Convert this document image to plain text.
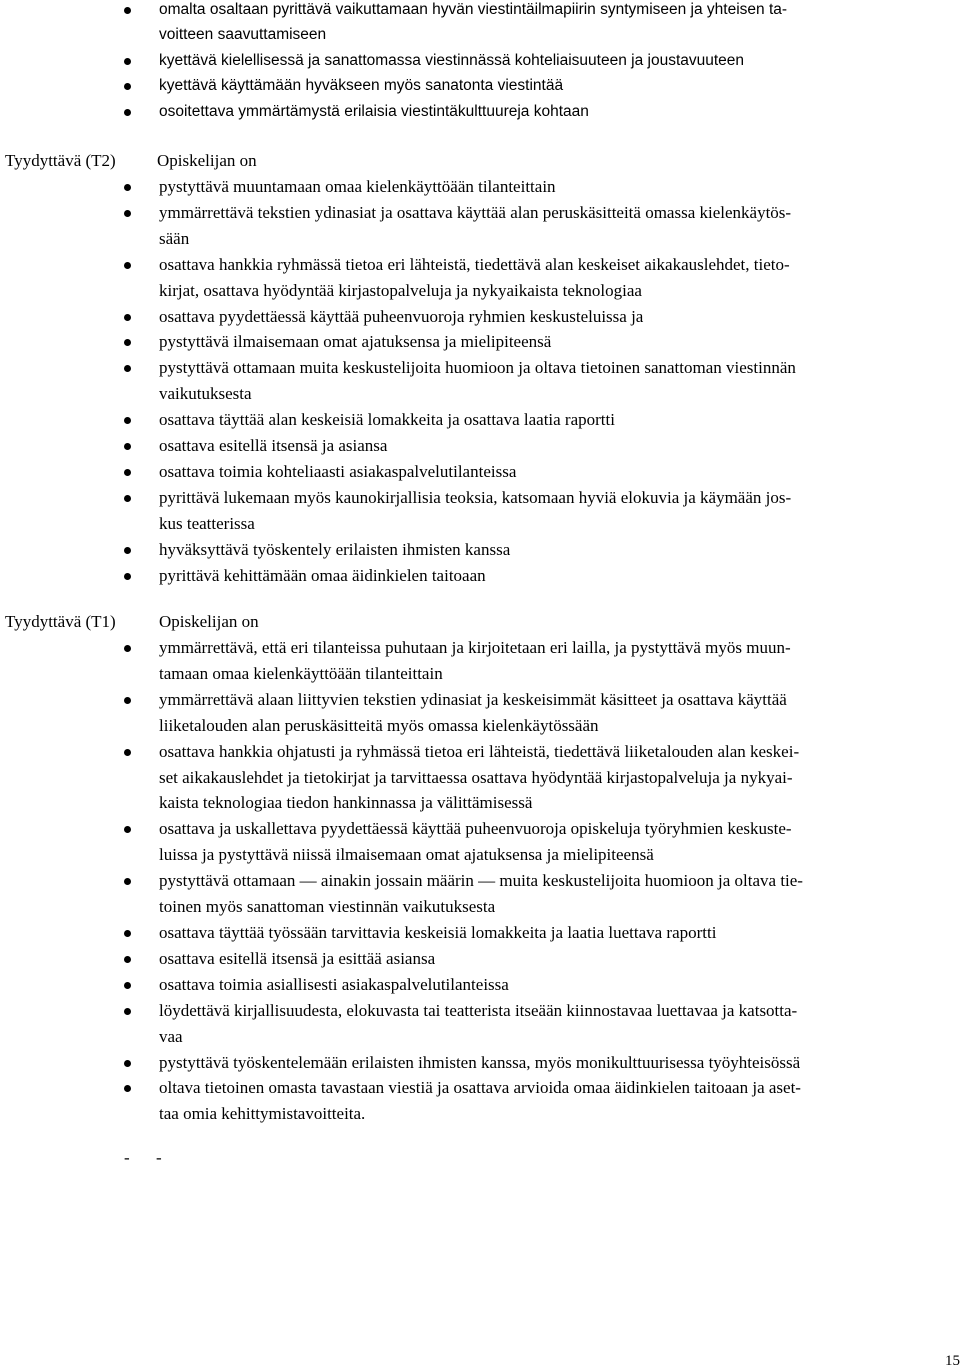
omalta osaltaan pyrittävä vaikuttamaan hyvän viestintäilmapiirin syntymiseen ja yhteisen ta-
voitteen saavuttamiseen
kyettävä kielellisessä ja sanattomassa viestinnässä kohteliaisuuteen ja joustavuuteen
kyettävä käyttämään hyväkseen myös sanatonta viestintää
osoitettava ymmärtämystä erilaisia viestintäkulttuureja kohtaan
Tyydyttävä (T2) Opiskelijan on
pystyttävä muuntamaan omaa kielenkäyttöään tilanteittain
ymmärrettävä tekstien ydinasiat ja osattava käyttää alan peruskäsitteitä omassa kielenkäytös-
sään
osattava hankkia ryhmässä tietoa eri lähteistä, tiedettävä alan keskeiset aikakauslehdet, tieto-
kirjat, osattava hyödyntää kirjastopalveluja ja nykyaikaista teknologiaa
osattava pyydettäessä käyttää puheenvuoroja ryhmien keskusteluissa ja
pystyttävä ilmaisemaan omat ajatuksensa ja mielipiteensä
pystyttävä ottamaan muita keskustelijoita huomioon ja oltava tietoinen sanattoman viestinnän
vaikutuksesta
osattava täyttää alan keskeisiä lomakkeita ja osattava laatia raportti
osattava esitellä itsensä ja asiansa
osattava toimia kohteliaasti asiakaspalvelutilanteissa
pyrittävä lukemaan myös kaunokirjallisia teoksia, katsomaan hyviä elokuvia ja käymään jos-
kus teatterissa
hyväksyttävä työskentely erilaisten ihmisten kanssa
pyrittävä kehittämään omaa äidinkielen taitoaan
Tyydyttävä (T1)	Opiskelijan on
ymmärrettävä, että eri tilanteissa puhutaan ja kirjoitetaan eri lailla, ja pystyttävä myös muun-
tamaan omaa kielenkäyttöään tilanteittain
ymmärrettävä alaan liittyvien tekstien ydinasiat ja keskeisimmät käsitteet ja osattava käyttää
liiketalouden alan peruskäsitteitä myös omassa kielenkäytössään
osattava hankkia ohjatusti ja ryhmässä tietoa eri lähteistä, tiedettävä liiketalouden alan keskei-
set aikakauslehdet ja tietokirjat ja tarvittaessa osattava hyödyntää kirjastopalveluja ja nykyai-
kaista teknologiaa tiedon hankinnassa ja välittämisessä
osattava ja uskallettava pyydettäessä käyttää puheenvuoroja opiskeluja työryhmien keskuste-
luissa ja pystyttävä niissä ilmaisemaan omat ajatuksensa ja mielipiteensä
pystyttävä ottamaan — ainakin jossain määrin — muita keskustelijoita huomioon ja oltava tie-
toinen myös sanattoman viestinnän vaikutuksesta
osattava täyttää työssään tarvittavia keskeisiä lomakkeita ja laatia luettava raportti
osattava esitellä itsensä ja esittää asiansa
osattava toimia asiallisesti asiakaspalvelutilanteissa
löydettävä kirjallisuudesta, elokuvasta tai teatterista itseään kiinnostavaa luettavaa ja katsotta-
vaa
pystyttävä työskentelemään erilaisten ihmisten kanssa, myös monikulttuurisessa työyhteisössä
oltava tietoinen omasta tavastaan viestiä ja osattava arvioida omaa äidinkielen taitoaan ja aset-
taa omia kehittymistavoitteita.
- -
15
